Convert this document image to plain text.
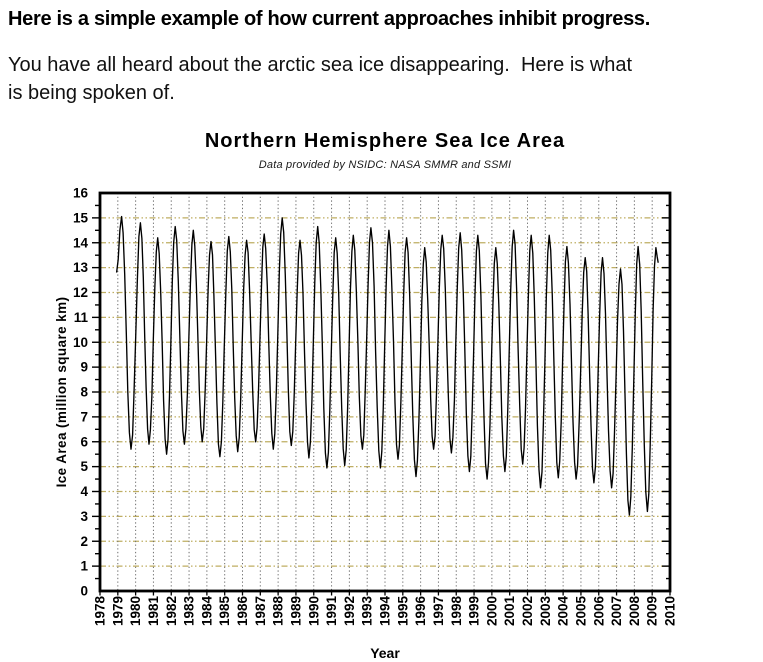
Here is a simple example of how current approaches inhibit progress.
You have all heard about the arctic sea ice disappearing.  Here is what
is being spoken of.
Northern Hemisphere Sea Ice Area
Data provided by NSIDC: NASA SMMR and SSMI
0
1
2
3
4
5
6
7
8
9
10
11
12
13
14
15
16
1978 1979 1980 1981 1982 1983 1984 1985 1986 1987 1988 1989 1990 1991 1992 1993 1994 1995 1996 1997 1998 1999 2000 2001 2002 2003 2004 2005 2006 2007 2008 2009 2010
Ice Area (million square km)
Year
